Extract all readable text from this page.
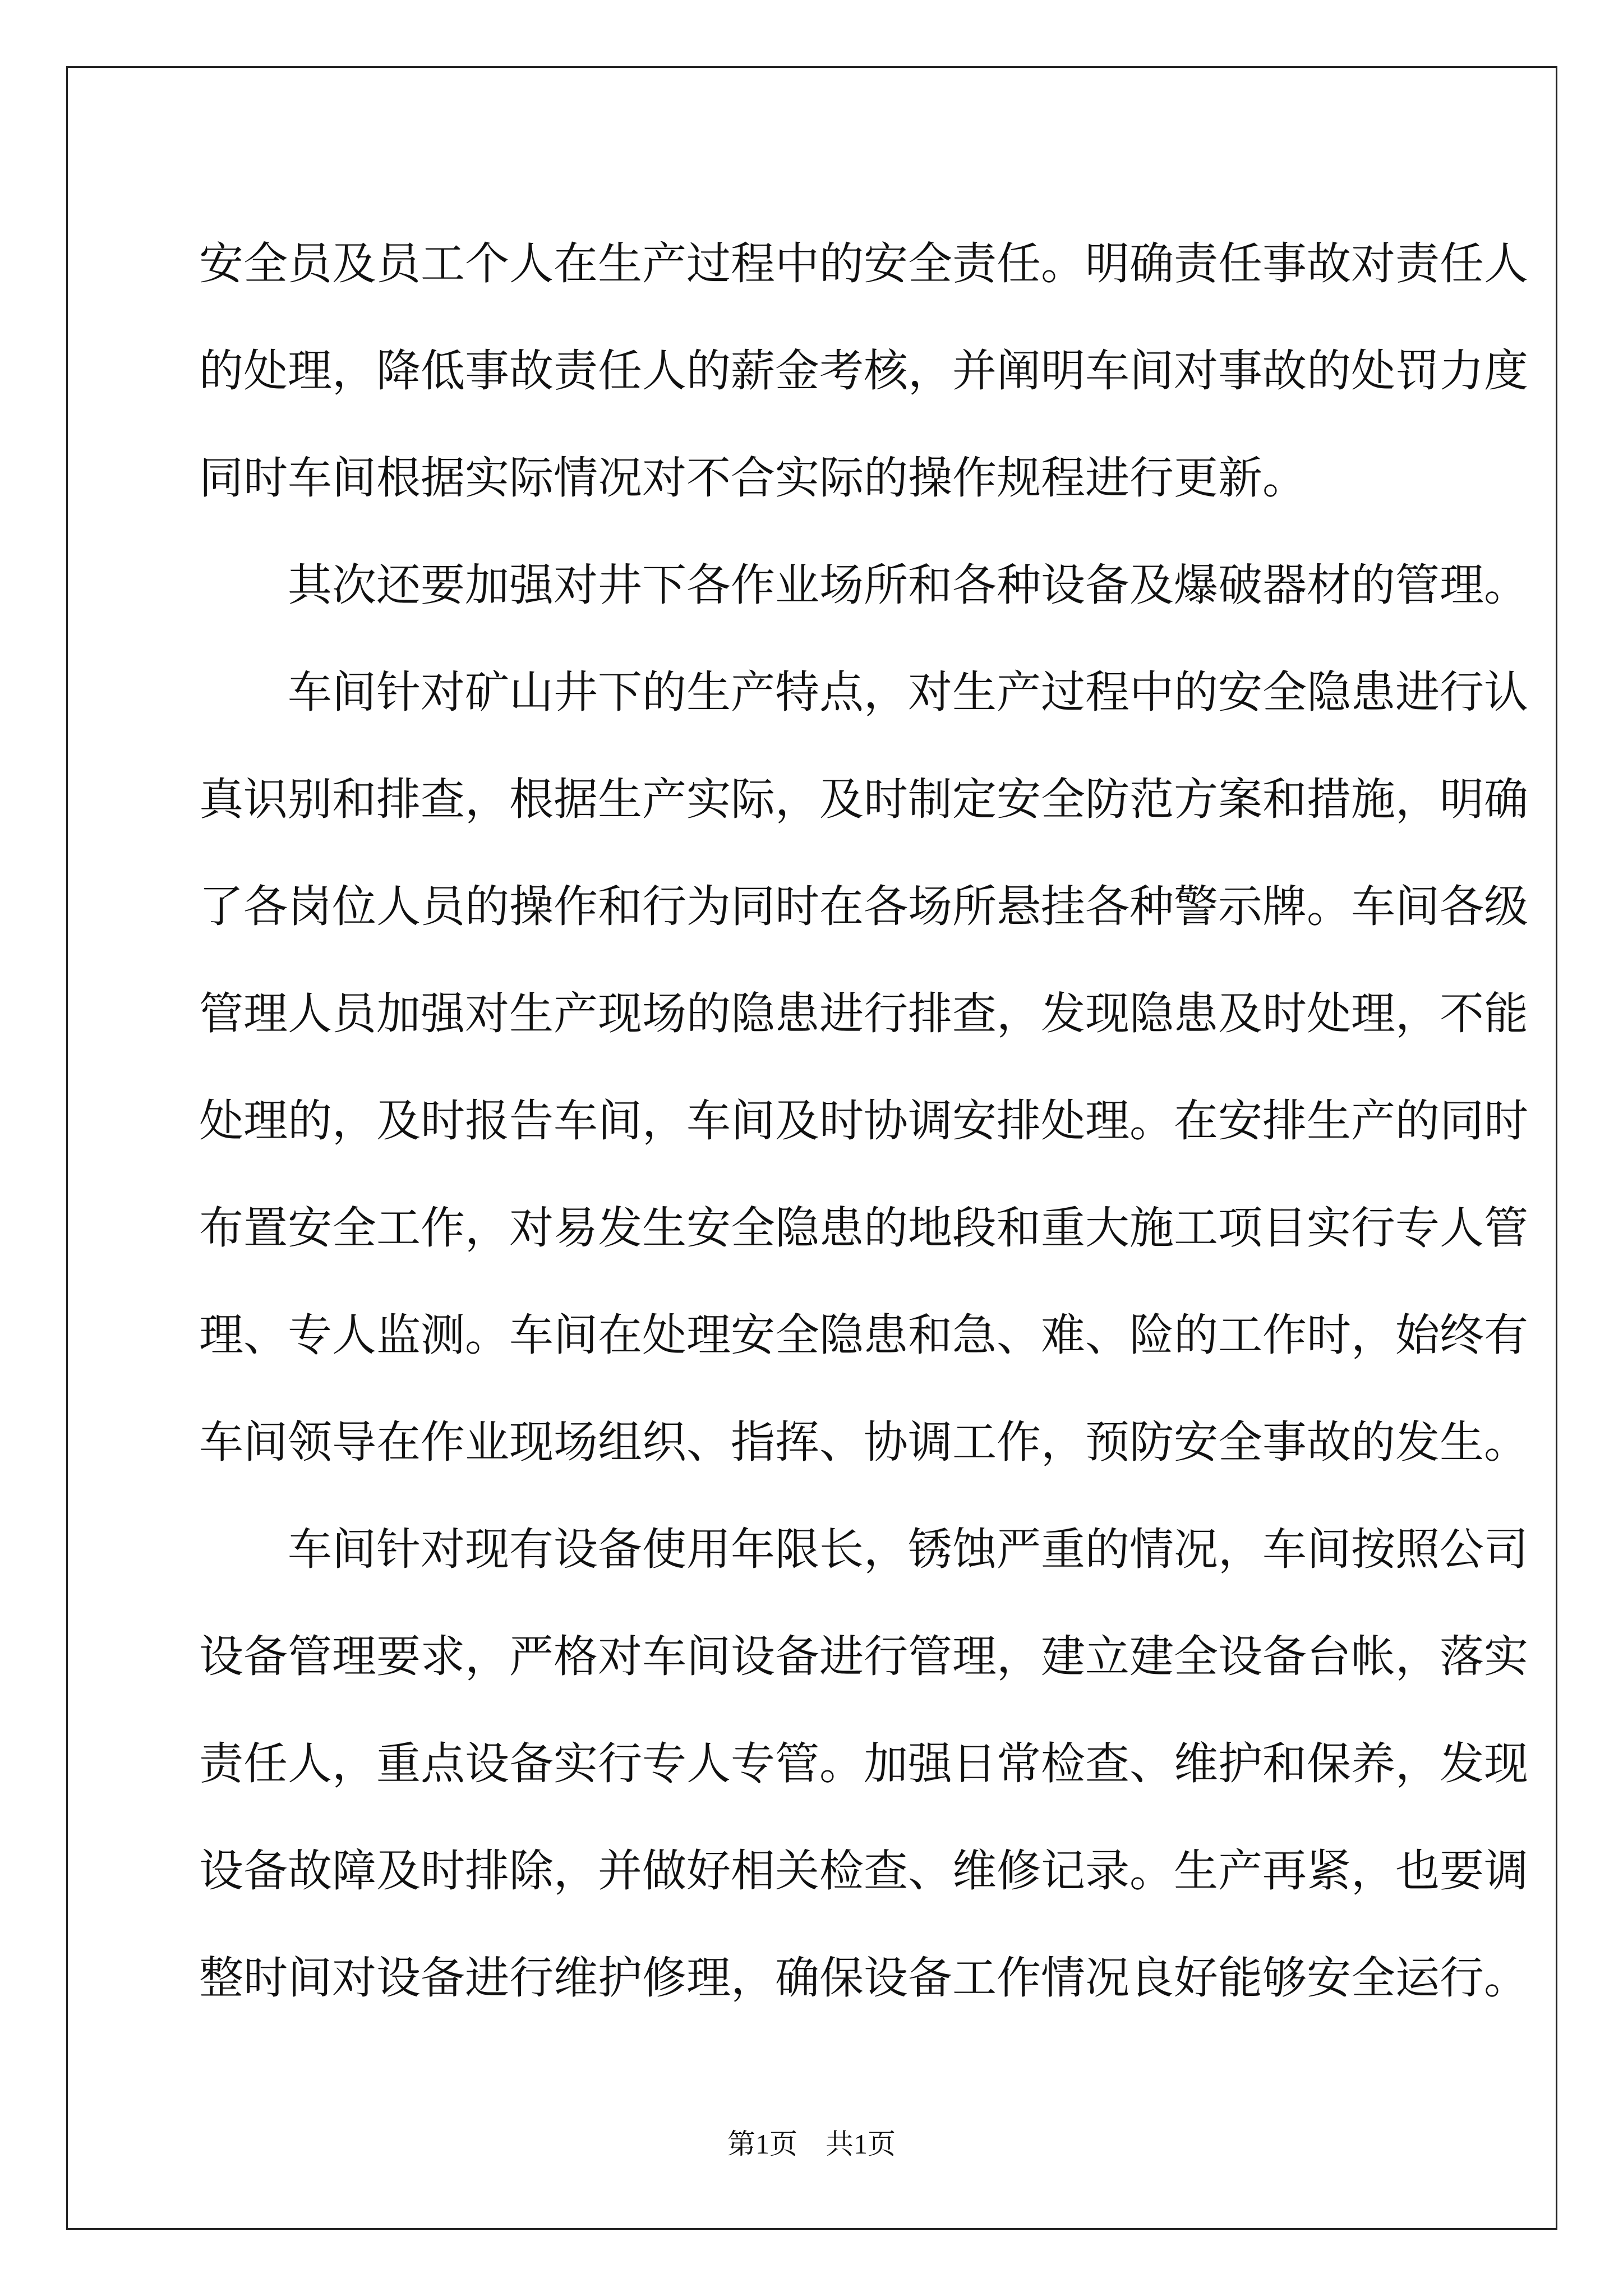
安全员及员工个人在生产过程中的安全责任。明确责任事故对责任人
的处理，降低事故责任人的薪金考核，并阐明车间对事故的处罚力度
同时车间根据实际情况对不合实际的操作规程进行更新。
其次还要加强对井下各作业场所和各种设备及爆破器材的管理。
车间针对矿山井下的生产特点，对生产过程中的安全隐患进行认
真识别和排查，根据生产实际，及时制定安全防范方案和措施，明确
了各岗位人员的操作和行为同时在各场所悬挂各种警示牌。车间各级
管理人员加强对生产现场的隐患进行排查，发现隐患及时处理，不能
处理的，及时报告车间，车间及时协调安排处理。在安排生产的同时
布置安全工作，对易发生安全隐患的地段和重大施工项目实行专人管
理、专人监测。车间在处理安全隐患和急、难、险的工作时，始终有
车间领导在作业现场组织、指挥、协调工作，预防安全事故的发生。
车间针对现有设备使用年限长，锈蚀严重的情况，车间按照公司
设备管理要求，严格对车间设备进行管理，建立建全设备台帐，落实
责任人，重点设备实行专人专管。加强日常检查、维护和保养，发现
设备故障及时排除，并做好相关检查、维修记录。生产再紧，也要调
整时间对设备进行维护修理，确保设备工作情况良好能够安全运行。
第1页　共1页
